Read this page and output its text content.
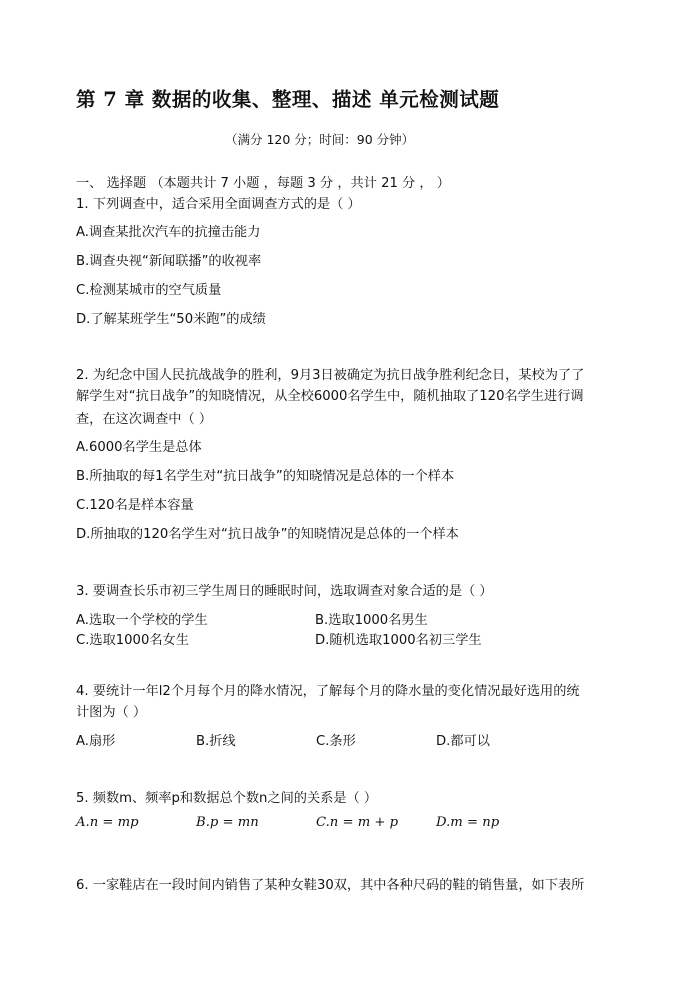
第 7 章 数据的收集、整理、描述 单元检测试题
（满分 120 分；时间：90 分钟）
一、 选择题 （本题共计 7 小题 ，每题 3 分 ，共计 21 分 ， ）
1. 下列调查中，适合采用全面调查方式的是（ ）
A.调查某批次汽车的抗撞击能力
B.调查央视“新闻联播”的收视率
C.检测某城市的空气质量
D.了解某班学生“50米跑”的成绩
2. 为纪念中国人民抗战战争的胜利，9月3日被确定为抗日战争胜利纪念日，某校为了了
解学生对“抗日战争”的知晓情况，从全校6000名学生中，随机抽取了120名学生进行调
查，在这次调查中（ ）
A.6000名学生是总体
B.所抽取的每1名学生对“抗日战争”的知晓情况是总体的一个样本
C.120名是样本容量
D.所抽取的120名学生对“抗日战争”的知晓情况是总体的一个样本
3. 要调查长乐市初三学生周日的睡眠时间，选取调查对象合适的是（ ）
A.选取一个学校的学生	B.选取1000名男生
C.选取1000名女生	D.随机选取1000名初三学生
4. 要统计一年l2个月每个月的降水情况，了解每个月的降水量的变化情况最好选用的统
计图为（ ）
A.扇形	B.折线	C.条形	D.都可以
5. 频数m、频率p和数据总个数n之间的关系是（ ）
A.n = mp	B.p = mn	C.n = m + p	D.m = np
6. 一家鞋店在一段时间内销售了某种女鞋30双，其中各种尺码的鞋的销售量，如下表所
